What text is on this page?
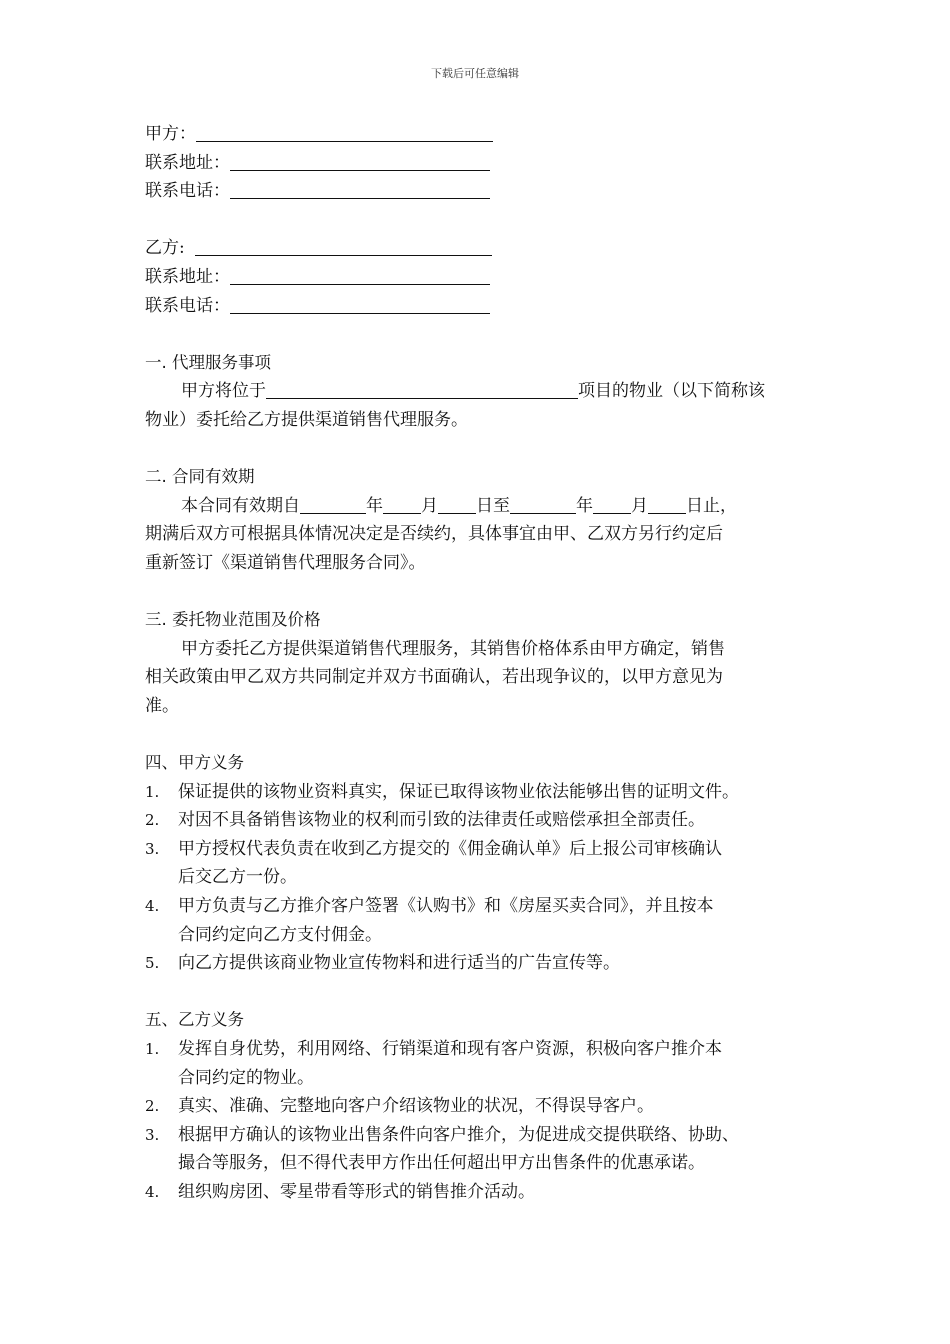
下载后可任意编辑
甲方：
联系地址：
联系电话：
乙方:
联系地址：
联系电话：
一. 代理服务事项
甲方将位于	项目的物业（以下简称该
物业）委托给乙方提供渠道销售代理服务。
二. 合同有效期
本合同有效期自	年 月 日至	年 月 日止，
期满后双方可根据具体情况决定是否续约，具体事宜由甲、乙双方另行约定后
重新签订《渠道销售代理服务合同》。
三. 委托物业范围及价格
甲方委托乙方提供渠道销售代理服务，其销售价格体系由甲方确定，销售
相关政策由甲乙双方共同制定并双方书面确认，若出现争议的，以甲方意见为
准。
四、甲方义务
1. 保证提供的该物业资料真实，保证已取得该物业依法能够出售的证明文件。
2. 对因不具备销售该物业的权利而引致的法律责任或赔偿承担全部责任。
3. 甲方授权代表负责在收到乙方提交的《佣金确认单》后上报公司审核确认
后交乙方一份。
4. 甲方负责与乙方推介客户签署《认购书》和《房屋买卖合同》，并且按本
合同约定向乙方支付佣金。
5. 向乙方提供该商业物业宣传物料和进行适当的广告宣传等。
五、乙方义务
1. 发挥自身优势，利用网络、行销渠道和现有客户资源，积极向客户推介本
合同约定的物业。
2. 真实、准确、完整地向客户介绍该物业的状况，不得误导客户。
3. 根据甲方确认的该物业出售条件向客户推介，为促进成交提供联络、协助、
撮合等服务，但不得代表甲方作出任何超出甲方出售条件的优惠承诺。
4. 组织购房团、零星带看等形式的销售推介活动。
